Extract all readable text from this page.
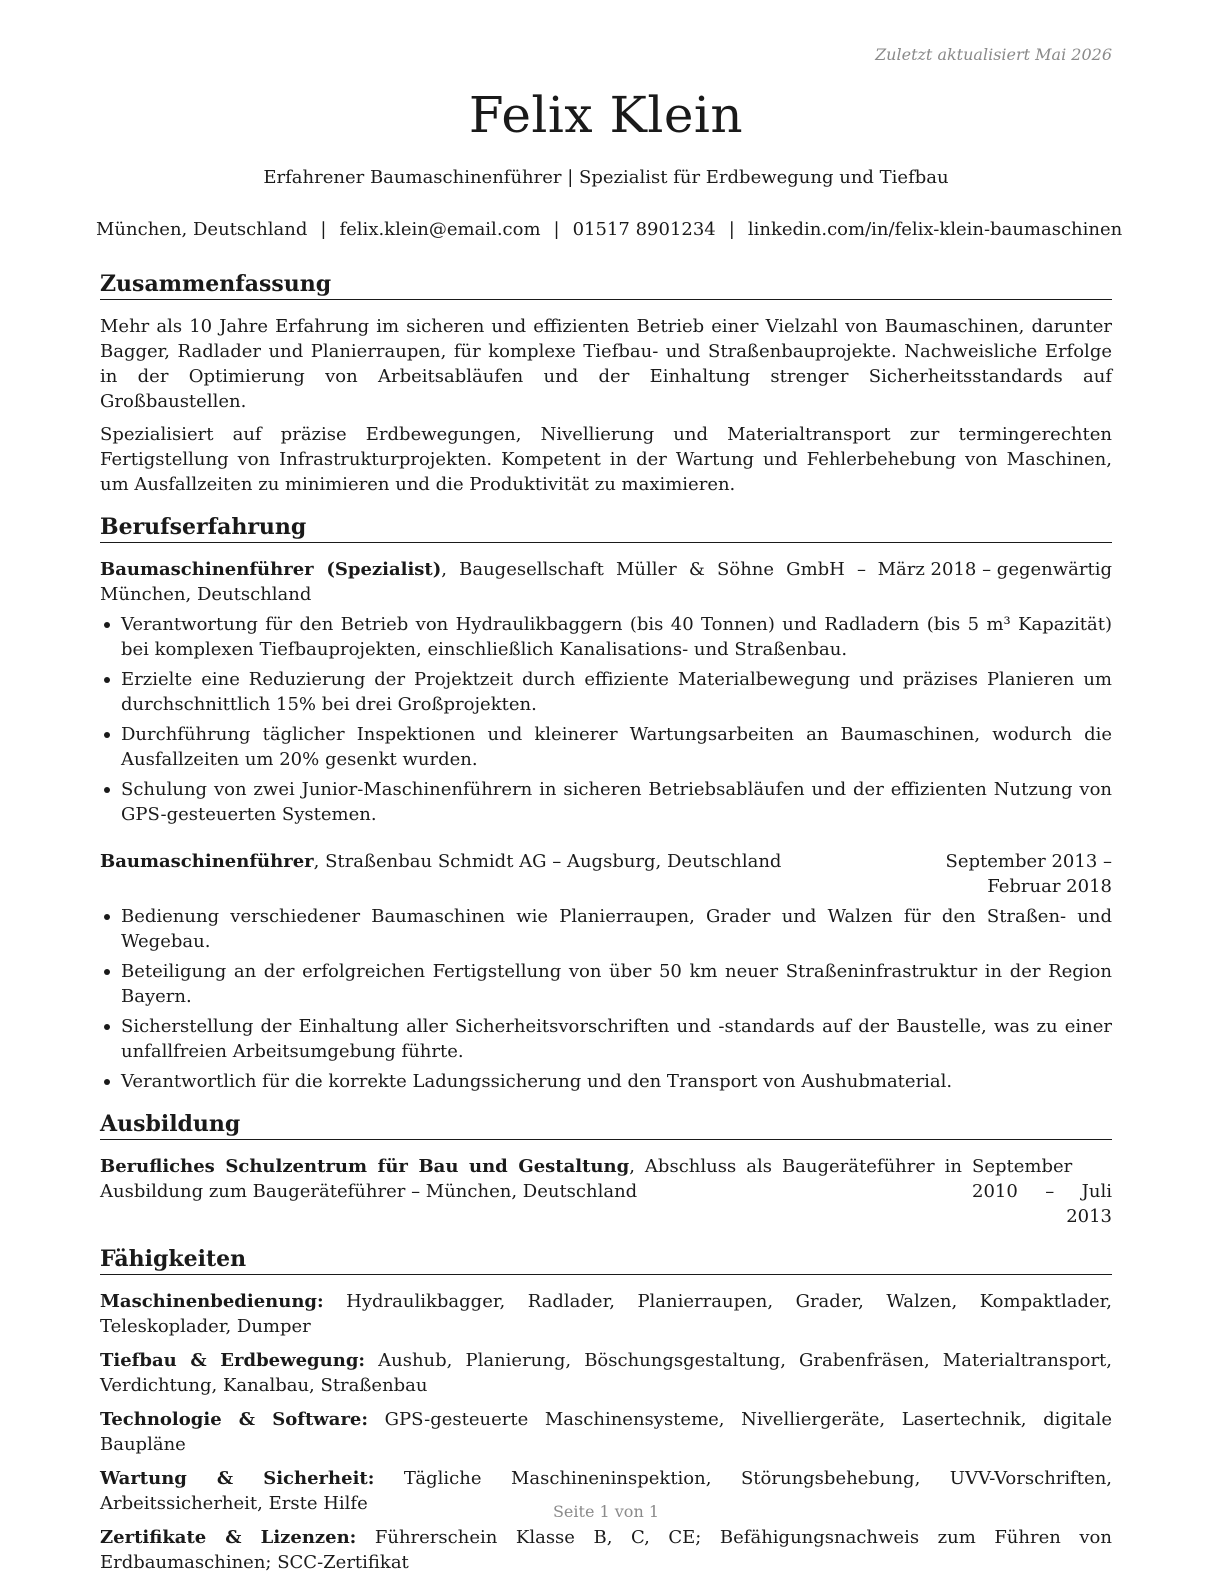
Zuletzt aktualisiert Mai 2026
Felix Klein
Erfahrener Baumaschinenführer | Spezialist für Erdbewegung und Tiefbau
München, Deutschland | felix.klein@email.com | 01517 8901234 | linkedin.com/in/felix-klein-baumaschinen
Zusammenfassung

Mehr als 10 Jahre Erfahrung im sicheren und effizienten Betrieb einer Vielzahl von Baumaschinen, darunter Bagger, Radlader und Planierraupen, für komplexe Tiefbau- und Straßenbauprojekte. Nachweisliche Erfolge in der Optimierung von Arbeitsabläufen und der Einhaltung strenger Sicherheitsstandards auf Großbaustellen.

Spezialisiert auf präzise Erdbewegungen, Nivellierung und Materialtransport zur termingerechten Fertigstellung von Infrastrukturprojekten. Kompetent in der Wartung und Fehlerbehebung von Maschinen, um Ausfallzeiten zu minimieren und die Produktivität zu maximieren.

Berufserfahrung
Baumaschinenführer (Spezialist), Baugesellschaft Müller & Söhne GmbH – München, Deutschland
März 2018 – gegenwärtig
Verantwortung für den Betrieb von Hydraulikbaggern (bis 40 Tonnen) und Radladern (bis 5 m³ Kapazität) bei komplexen Tiefbauprojekten, einschließlich Kanalisations- und Straßenbau.
Erzielte eine Reduzierung der Projektzeit durch effiziente Materialbewegung und präzises Planieren um durchschnittlich 15% bei drei Großprojekten.
Durchführung täglicher Inspektionen und kleinerer Wartungsarbeiten an Baumaschinen, wodurch die Ausfallzeiten um 20% gesenkt wurden.
Schulung von zwei Junior-Maschinenführern in sicheren Betriebsabläufen und der effizienten Nutzung von GPS-gesteuerten Systemen.
Baumaschinenführer, Straßenbau Schmidt AG – Augsburg, Deutschland	September 2013 – Februar 2018
Bedienung verschiedener Baumaschinen wie Planierraupen, Grader und Walzen für den Straßen- und Wegebau.
Beteiligung an der erfolgreichen Fertigstellung von über 50 km neuer Straßeninfrastruktur in der Region Bayern.
Sicherstellung der Einhaltung aller Sicherheitsvorschriften und -standards auf der Baustelle, was zu einer unfallfreien Arbeitsumgebung führte.
Verantwortlich für die korrekte Ladungssicherung und den Transport von Aushubmaterial.
Ausbildung
Berufliches Schulzentrum für Bau und Gestaltung, Abschluss als Baugeräteführer in Ausbildung zum Baugeräteführer – München, Deutschland
September 2010 – Juli 2013
Fähigkeiten
Maschinenbedienung: Hydraulikbagger, Radlader, Planierraupen, Grader, Walzen, Kompaktlader, Teleskoplader, Dumper
Tiefbau & Erdbewegung: Aushub, Planierung, Böschungsgestaltung, Grabenfräsen, Materialtransport, Verdichtung, Kanalbau, Straßenbau
Technologie & Software: GPS-gesteuerte Maschinensysteme, Nivelliergeräte, Lasertechnik, digitale Baupläne
Wartung & Sicherheit: Tägliche Maschineninspektion, Störungsbehebung, UVV-Vorschriften, Arbeitssicherheit, Erste Hilfe
Zertifikate & Lizenzen: Führerschein Klasse B, C, CE; Befähigungsnachweis zum Führen von Erdbaumaschinen; SCC-Zertifikat
Seite 1 von 1
